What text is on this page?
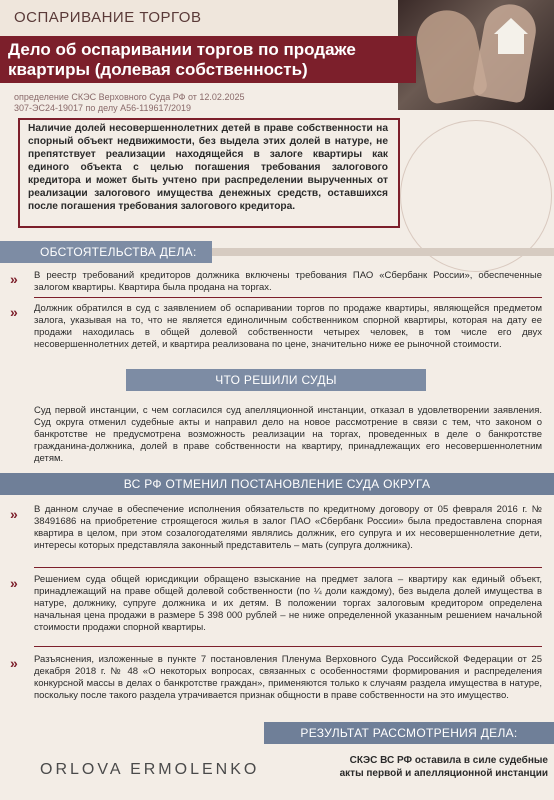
ОСПАРИВАНИЕ ТОРГОВ
Дело об оспаривании торгов по продаже квартиры (долевая собственность)
определение СКЭС Верховного Суда РФ от 12.02.2025
307-ЭС24-19017 по делу А56-119617/2019
Наличие долей несовершеннолетних детей в праве собственности на спорный объект недвижимости, без выдела этих долей в натуре, не препятствует реализации находящейся в залоге квартиры как единого объекта с целью погашения требования залогового кредитора и может быть учтено при распределении вырученных от реализации залогового имущества денежных средств, оставшихся после погашения требования залогового кредитора.
ОБСТОЯТЕЛЬСТВА ДЕЛА:
» В реестр требований кредиторов должника включены требования ПАО «Сбербанк России», обеспеченные залогом квартиры. Квартира была продана на торгах.
» Должник обратился в суд с заявлением об оспаривании торгов по продаже квартиры, являющейся предметом залога, указывая на то, что не является единоличным собственником спорной квартиры, которая на дату ее продажи находилась в общей долевой собственности четырех человек, в том числе его двух несовершеннолетних детей, и квартира реализована по цене, значительно ниже ее рыночной стоимости.
ЧТО РЕШИЛИ СУДЫ
Суд первой инстанции, с чем согласился суд апелляционной инстанции, отказал в удовлетворении заявления. Суд округа отменил судебные акты и направил дело на новое рассмотрение в связи с тем, что законом о банкротстве не предусмотрена возможность реализации на торгах, проведенных в деле о банкротстве гражданина-должника, долей в праве собственности на квартиру, принадлежащих его несовершеннолетним детям.
ВС РФ ОТМЕНИЛ ПОСТАНОВЛЕНИЕ СУДА ОКРУГА
» В данном случае в обеспечение исполнения обязательств по кредитному договору от 05 февраля 2016 г. № 38491686 на приобретение строящегося жилья в залог ПАО «Сбербанк России» была предоставлена спорная квартира в целом, при этом созалогодателями являлись должник, его супруга и их несовершеннолетние дети, интересы которых представляла законный представитель – мать (супруга должника).
» Решением суда общей юрисдикции обращено взыскание на предмет залога – квартиру как единый объект, принадлежащий на праве общей долевой собственности (по ¼ доли каждому), без выдела долей имущества в натуре, должнику, супруге должника и их детям. В положении торгах залоговым кредитором определена начальная цена продажи в размере 5 398 000 рублей – не ниже определенной указанным решением начальной стоимости продажи спорной квартиры.
» Разъяснения, изложенные в пункте 7 постановления Пленума Верховного Суда Российской Федерации от 25 декабря 2018 г. № 48 «О некоторых вопросах, связанных с особенностями формирования и распределения конкурсной массы в делах о банкротстве граждан», применяются только к случаям раздела имущества в натуре, поскольку после такого раздела утрачивается признак общности в праве собственности на это имущество.
РЕЗУЛЬТАТ РАССМОТРЕНИЯ ДЕЛА:
ORLOVA ERMOLENKO
СКЭС ВС РФ оставила в силе судебные
акты первой и апелляционной инстанции
